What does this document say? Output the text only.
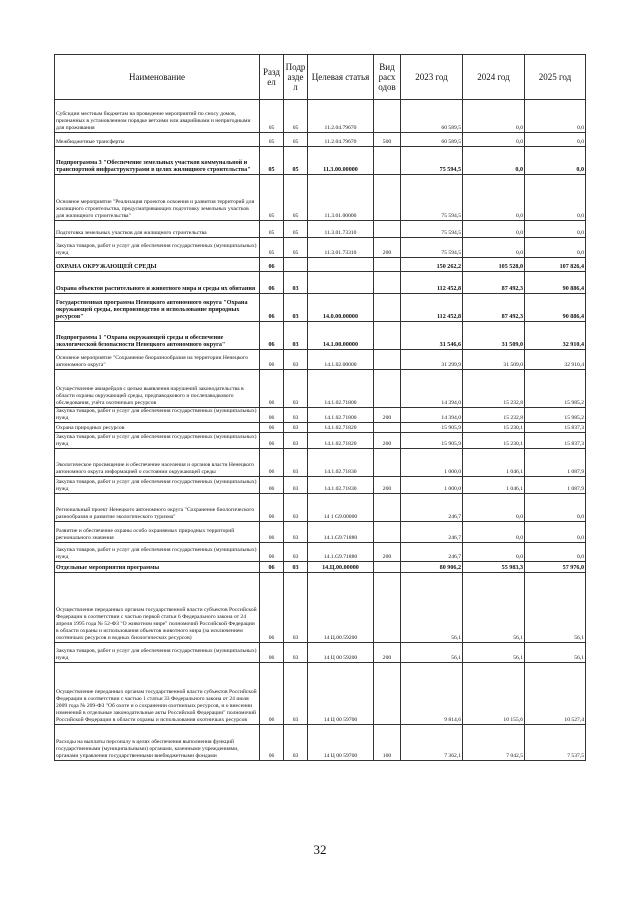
Наименование	Разд ел	Подр азде л	Целевая статья	Вид расх одов	2023 год	2024 год	2025 год
Субсидии местным бюджетам на проведение мероприятий по сносу домов, признанных в установленном порядке ветхими или аварийными и непригодными для проживания	05	05	11.2.04.79670		60 589,5	0,0	0,0
Межбюджетные трансферты	05	05	11.2.04.79670	500	60 589,5	0,0	0,0
Подпрограмма 3 "Обеспечение земельных участков коммунальной и транспортной инфраструктурами в целях жилищного строительства"	05	05	11.3.00.00000		75 594,5	0,0	0,0
Основное мероприятие "Реализация проектов освоения и развития территорий для жилищного строительства, предусматривающих подготовку земельных участков для жилищного строительства"	05	05	11.3.01.00000		75 594,5	0,0	0,0
Подготовка земельных участков для жилищного строительства	05	05	11.3.01.73310		75 594,5	0,0	0,0
Закупка товаров, работ и услуг для обеспечения государственных (муниципальных) нужд	05	05	11.3.01.73310	200	75 594,5	0,0	0,0
ОХРАНА ОКРУЖАЮЩЕЙ СРЕДЫ	06				150 262,2	105 528,0	107 826,4
Охрана объектов растительного и животного мира и среды их обитания	06	03			112 452,8	87 492,3	90 886,4
Государственная программа Ненецкого автономного округа "Охрана окружающей среды, воспроизводство и использование природных ресурсов"	06	03	14.0.00.00000		112 452,8	87 492,3	90 886,4
Подпрограмма 1 "Охрана окружающей среды и обеспечение экологической безопасности Ненецкого автономного округа"	06	03	14.1.00.00000		31 546,6	31 509,0	32 910,4
Основное мероприятие "Сохранение биоразнообразия на территории Ненецкого автономного округа"	06	03	14.1.02.00000		31 299,9	31 509,0	32 910,4
Осуществление авиарейдов с целью выявления нарушений законодательства в области охраны окружающей среды, предпаводкового и послепаводкового обследования, учёта охотничьих ресурсов	06	03	14.1.02.71800		14 394,0	15 232,8	15 985,2
Закупка товаров, работ и услуг для обеспечения государственных (муниципальных) нужд	06	03	14.1.02.71800	200	14 394,0	15 232,8	15 985,2
Охрана природных ресурсов	06	03	14.1.02.71820		15 905,9	15 230,1	15 837,3
Закупка товаров, работ и услуг для обеспечения государственных (муниципальных) нужд	06	03	14.1.02.71820	200	15 905,9	15 230,1	15 837,3
Экологическое просвещение и обеспечение населения и органов власти Ненецкого автономного округа информацией о состоянии окружающей среды	06	03	14.1.02.71830		1 000,0	1 046,1	1 087,9
Закупка товаров, работ и услуг для обеспечения государственных (муниципальных) нужд	06	03	14.1.02.71830	200	1 000,0	1 046,1	1 087,9
Региональный проект Ненецкого автономного округа "Сохранение биологического разнообразия и развитие экологического туризма"	06	03	14 1 G9.00000		246,7	0,0	0,0
Развитие и обеспечение охраны особо охраняемых природных территорий регионального значения	06	03	14.1.G9.71880		246,7	0,0	0,0
Закупка товаров, работ и услуг для обеспечения государственных (муниципальных) нужд	06	03	14.1.G9.71880	200	246,7	0,0	0,0
Отдельные мероприятия программы	06	03	14.Ц.00.00000		80 906,2	55 983,3	57 976,0
Осуществление переданных органам государственной власти субъектов Российской Федерации в соответствии с частью первой статьи 6 Федерального закона от 24 апреля 1995 года № 52-ФЗ "О животном мире" полномочий Российской Федерации в области охраны и использования объектов животного мира (за исключением охотничьих ресурсов и водных биологических ресурсов)	06	03	14 Ц.00.59200		56,1	56,1	56,1
Закупка товаров, работ и услуг для обеспечения государственных (муниципальных) нужд	06	03	14 Ц 00 59200	200	56,1	56,1	56,1
Осуществление переданных органам государственной власти субъектов Российской Федерации в соответствии с частью 1 статьи 33 Федерального закона от 24 июля 2009 года № 209-ФЗ "Об охоте и о сохранении охотничьих ресурсов, и о внесении изменений в отдельные законодательные акты Российской Федерации" полномочий Российской Федерации в области охраны и использования охотничьих ресурсов	06	03	14 Ц 00 59700		9 814,6	10 155,6	10 527,4
Расходы на выплаты персоналу в целях обеспечения выполнения функций государственными (муниципальными) органами, казенными учреждениями, органами управления государственными внебюджетными фондами	06	03	14 Ц 00 59700	100	7 362,1	7 042,5	7 537,5
32
